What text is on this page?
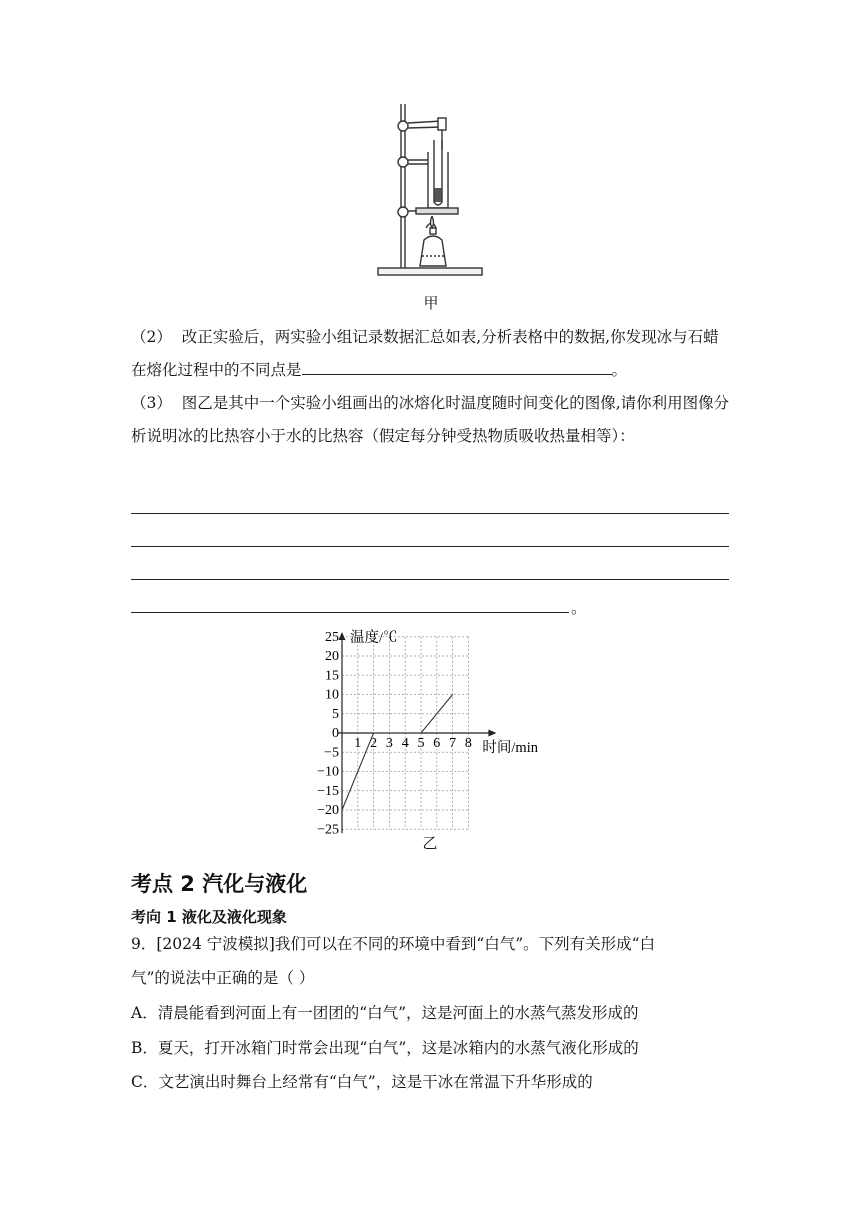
甲

（2） 改正实验后，两实验小组记录数据汇总如表,分析表格中的数据,你发现冰与石蜡在熔化过程中的不同点是	。

（3） 图乙是其中一个实验小组画出的冰熔化时温度随时间变化的图像,请你利用图像分析说明冰的比热容小于水的比热容（假定每分钟受热物质吸收热量相等）：

。
25
20
15
10
5
0
−5
−10
−15
−20
−25
1 2 3 4 5 6 7 8
温度/℃
时间/min
乙
考点 2 汽化与液化
考向 1 液化及液化现象
9．[2024 宁波模拟]我们可以在不同的环境中看到“白气”。下列有关形成“白
气”的说法中正确的是（ ）
A．清晨能看到河面上有一团团的“白气”，这是河面上的水蒸气蒸发形成的
B．夏天，打开冰箱门时常会出现“白气”，这是冰箱内的水蒸气液化形成的
C．文艺演出时舞台上经常有“白气”，这是干冰在常温下升华形成的
